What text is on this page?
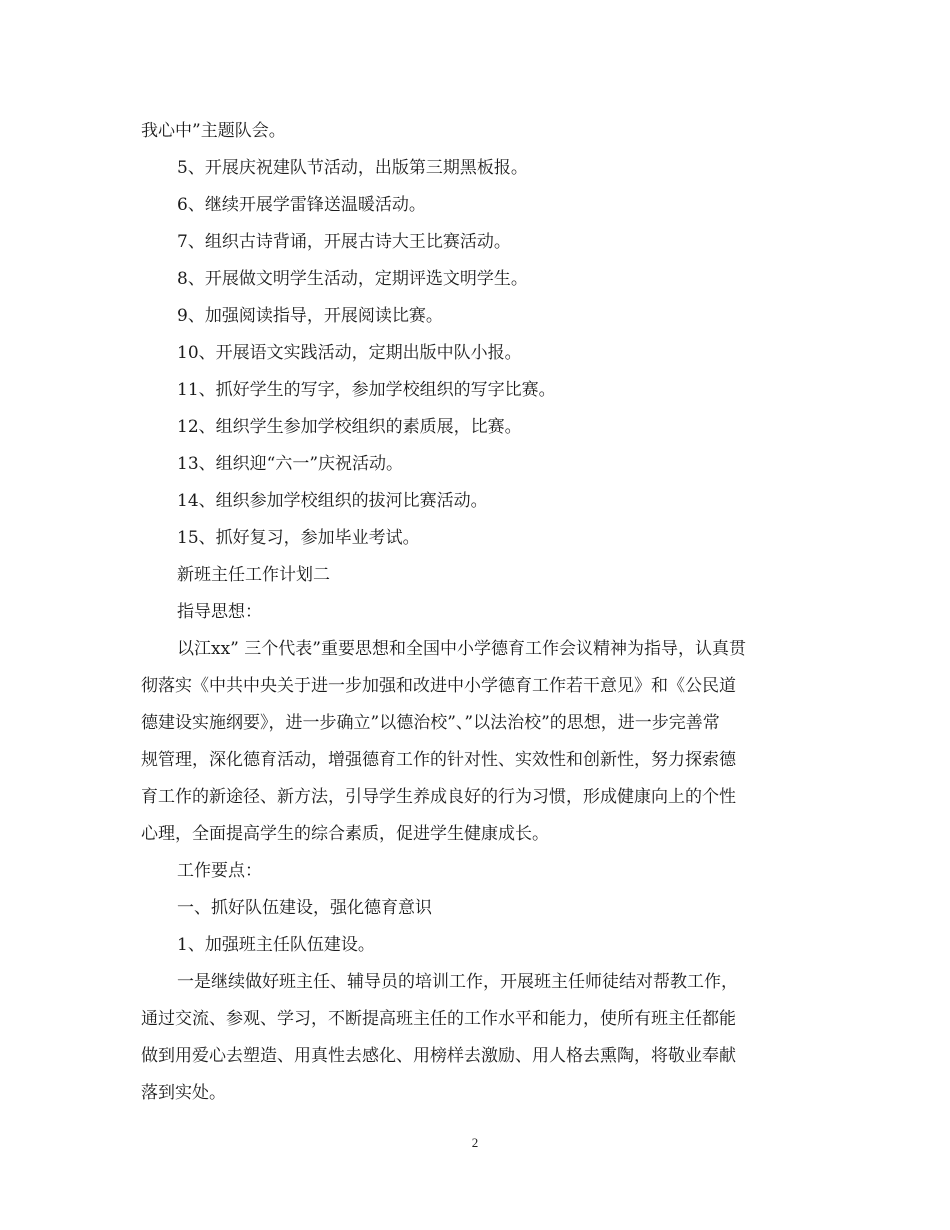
我心中”主题队会。
5、开展庆祝建队节活动，出版第三期黑板报。
6、继续开展学雷锋送温暖活动。
7、组织古诗背诵，开展古诗大王比赛活动。
8、开展做文明学生活动，定期评选文明学生。
9、加强阅读指导，开展阅读比赛。
10、开展语文实践活动，定期出版中队小报。
11、抓好学生的写字，参加学校组织的写字比赛。
12、组织学生参加学校组织的素质展，比赛。
13、组织迎“六一”庆祝活动。
14、组织参加学校组织的拔河比赛活动。
15、抓好复习，参加毕业考试。
新班主任工作计划二
指导思想：
以江xx” 三个代表”重要思想和全国中小学德育工作会议精神为指导，认真贯
彻落实《中共中央关于进一步加强和改进中小学德育工作若干意见》和《公民道
德建设实施纲要》，进一步确立”以德治校”、”以法治校”的思想，进一步完善常
规管理，深化德育活动，增强德育工作的针对性、实效性和创新性，努力探索德
育工作的新途径、新方法，引导学生养成良好的行为习惯，形成健康向上的个性
心理，全面提高学生的综合素质，促进学生健康成长。
工作要点：
一、抓好队伍建设，强化德育意识
1、加强班主任队伍建设。
一是继续做好班主任、辅导员的培训工作，开展班主任师徒结对帮教工作，
通过交流、参观、学习，不断提高班主任的工作水平和能力，使所有班主任都能
做到用爱心去塑造、用真性去感化、用榜样去激励、用人格去熏陶，将敬业奉献
落到实处。
2
